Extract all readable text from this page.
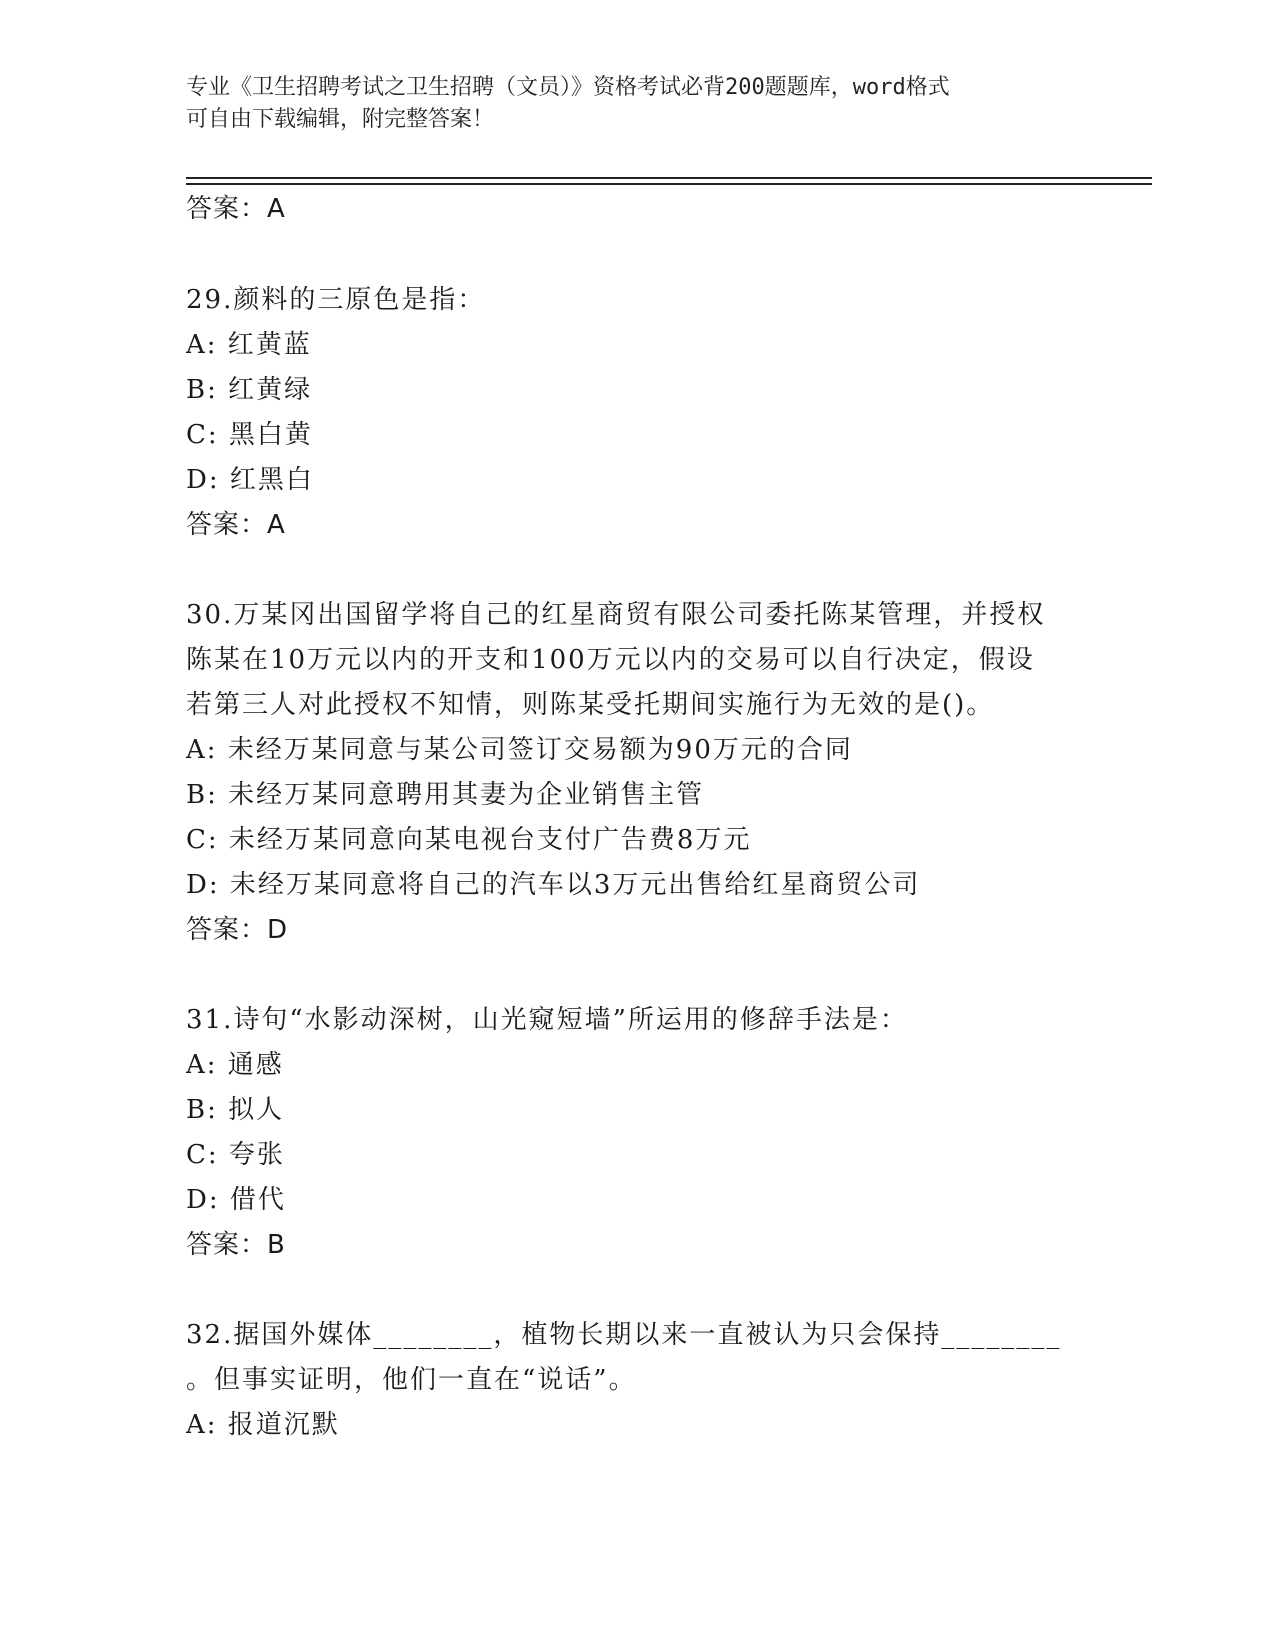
专业《卫生招聘考试之卫生招聘（文员）》资格考试必背200题题库，word格式
可自由下载编辑，附完整答案！
答案：A
29.颜料的三原色是指：
A: 红黄蓝
B: 红黄绿
C: 黑白黄
D: 红黑白
答案：A
30.万某冈出国留学将自己的红星商贸有限公司委托陈某管理，并授权
陈某在10万元以内的开支和100万元以内的交易可以自行决定，假设
若第三人对此授权不知情，则陈某受托期间实施行为无效的是()。
A: 未经万某同意与某公司签订交易额为90万元的合同
B: 未经万某同意聘用其妻为企业销售主管
C: 未经万某同意向某电视台支付广告费8万元
D: 未经万某同意将自己的汽车以3万元出售给红星商贸公司
答案：D
31.诗句“水影动深树，山光窥短墙”所运用的修辞手法是：
A: 通感
B: 拟人
C: 夸张
D: 借代
答案：B
32.据国外媒体________，植物长期以来一直被认为只会保持________
。但事实证明，他们一直在“说话”。
A: 报道沉默
